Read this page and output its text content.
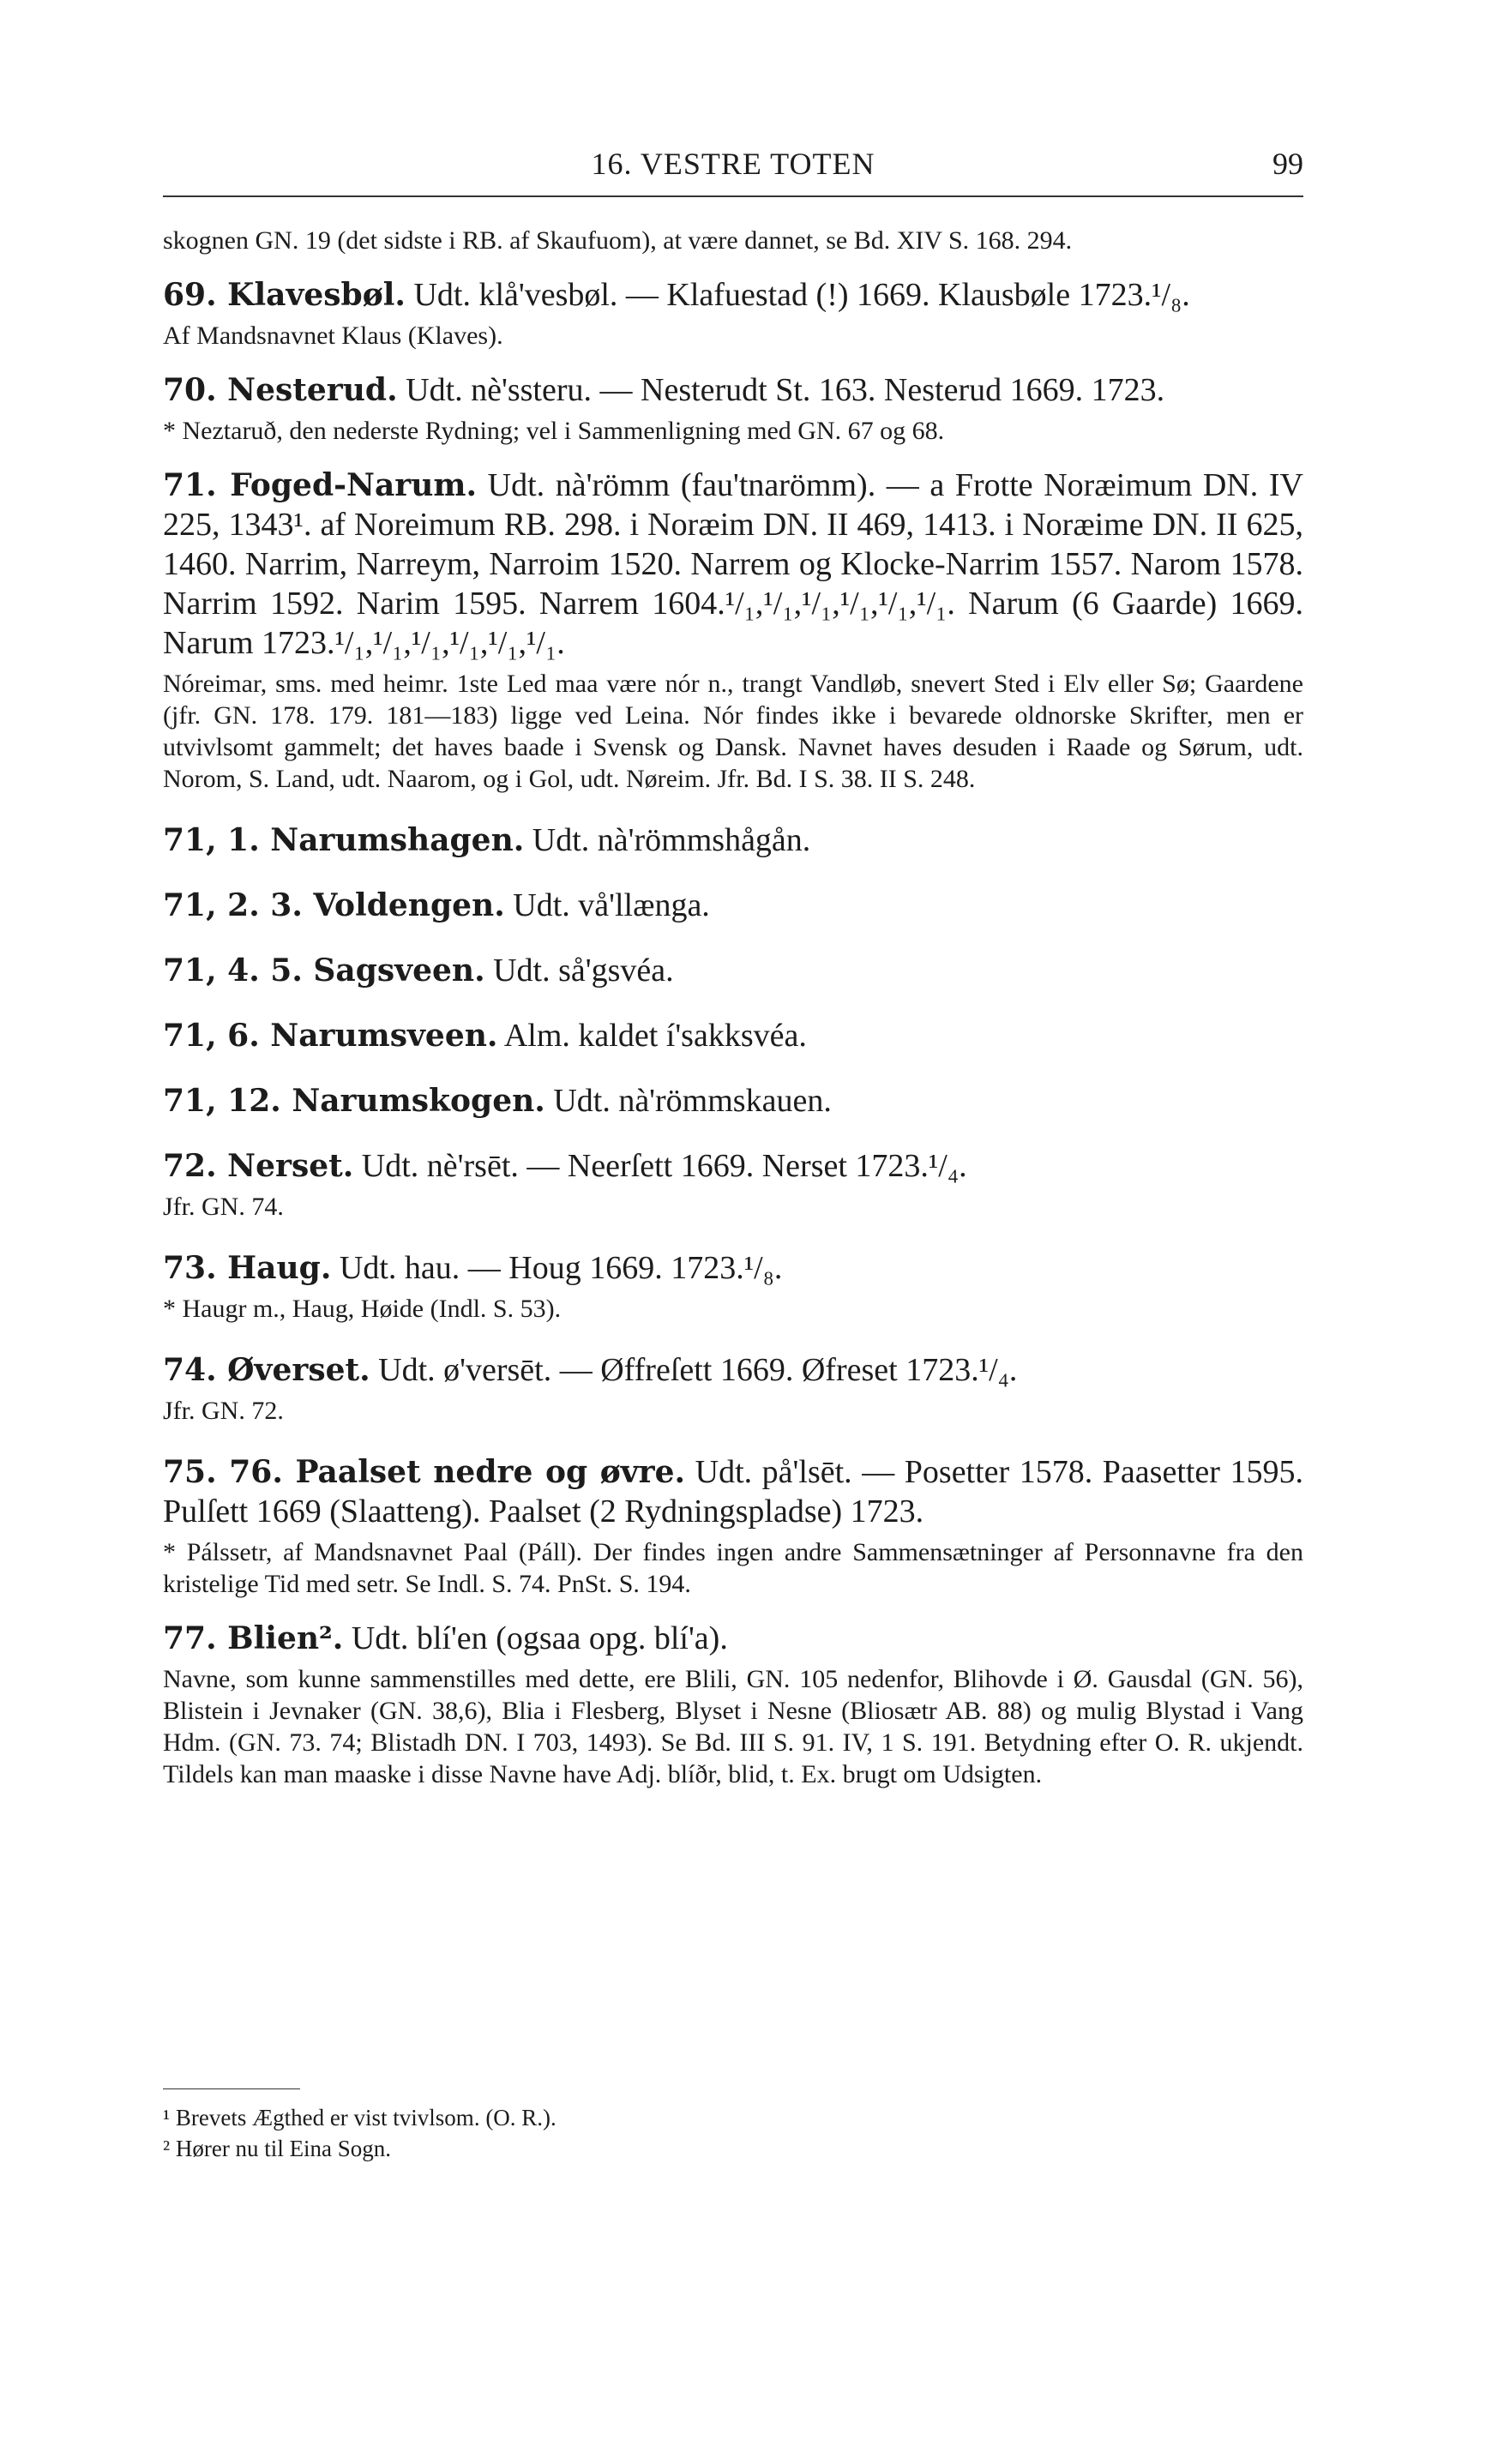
16. VESTRE TOTEN	99

skognen GN. 19 (det sidste i RB. af Skaufuom), at være dannet, se Bd. XIV S. 168. 294.

69. Klavesbøl. Udt. klå'vesbøl. — Klafuestad (!) 1669. Klausbøle 1723.¹/₈.

Af Mandsnavnet Klaus (Klaves).

70. Nesterud. Udt. nè'ssteru. — Nesterudt St. 163. Nesterud 1669. 1723.

* Neztaruð, den nederste Rydning; vel i Sammenligning med GN. 67 og 68.

71. Foged-Narum. Udt. nà'römm (fau'tnarömm). — a Frotte Noræimum DN. IV 225, 1343¹. af Noreimum RB. 298. i Noræim DN. II 469, 1413. i Noræime DN. II 625, 1460. Narrim, Narreym, Narroim 1520. Narrem og Klocke-Narrim 1557. Narom 1578. Narrim 1592. Narim 1595. Narrem 1604.¹/₁,¹/₁,¹/₁,¹/₁,¹/₁,¹/₁. Narum (6 Gaarde) 1669. Narum 1723.¹/₁,¹/₁,¹/₁,¹/₁,¹/₁,¹/₁.

Nóreimar, sms. med heimr. 1ste Led maa være nór n., trangt Vandløb, snevert Sted i Elv eller Sø; Gaardene (jfr. GN. 178. 179. 181—183) ligge ved Leina. Nór findes ikke i bevarede oldnorske Skrifter, men er utvivlsomt gammelt; det haves baade i Svensk og Dansk. Navnet haves desuden i Raade og Sørum, udt. Norom, S. Land, udt. Naarom, og i Gol, udt. Nøreim. Jfr. Bd. I S. 38. II S. 248.

71, 1. Narumshagen. Udt. nà'römmshågån.

71, 2. 3. Voldengen. Udt. vå'llænga.

71, 4. 5. Sagsveen. Udt. så'gsvéa.

71, 6. Narumsveen. Alm. kaldet í'sakksvéa.

71, 12. Narumskogen. Udt. nà'römmskauen.

72. Nerset. Udt. nè'rsēt. — Neerſett 1669. Nerset 1723.¹/₄.

Jfr. GN. 74.

73. Haug. Udt. hau. — Houg 1669. 1723.¹/₈.

* Haugr m., Haug, Høide (Indl. S. 53).

74. Øverset. Udt. ø'versēt. — Øffreſett 1669. Øfreset 1723.¹/₄.

Jfr. GN. 72.

75. 76. Paalset nedre og øvre. Udt. på'lsēt. — Posetter 1578. Paasetter 1595. Pulſett 1669 (Slaatteng). Paalset (2 Rydningspladse) 1723.

* Pálssetr, af Mandsnavnet Paal (Páll). Der findes ingen andre Sammensætninger af Personnavne fra den kristelige Tid med setr. Se Indl. S. 74. PnSt. S. 194.

77. Blien². Udt. blí'en (ogsaa opg. blí'a).

Navne, som kunne sammenstilles med dette, ere Blili, GN. 105 nedenfor, Blihovde i Ø. Gausdal (GN. 56), Blistein i Jevnaker (GN. 38,6), Blia i Flesberg, Blyset i Nesne (Bliosætr AB. 88) og mulig Blystad i Vang Hdm. (GN. 73. 74; Blistadh DN. I 703, 1493). Se Bd. III S. 91. IV, 1 S. 191. Betydning efter O. R. ukjendt. Tildels kan man maaske i disse Navne have Adj. blíðr, blid, t. Ex. brugt om Udsigten.

¹ Brevets Ægthed er vist tvivlsom. (O. R.).
² Hører nu til Eina Sogn.
